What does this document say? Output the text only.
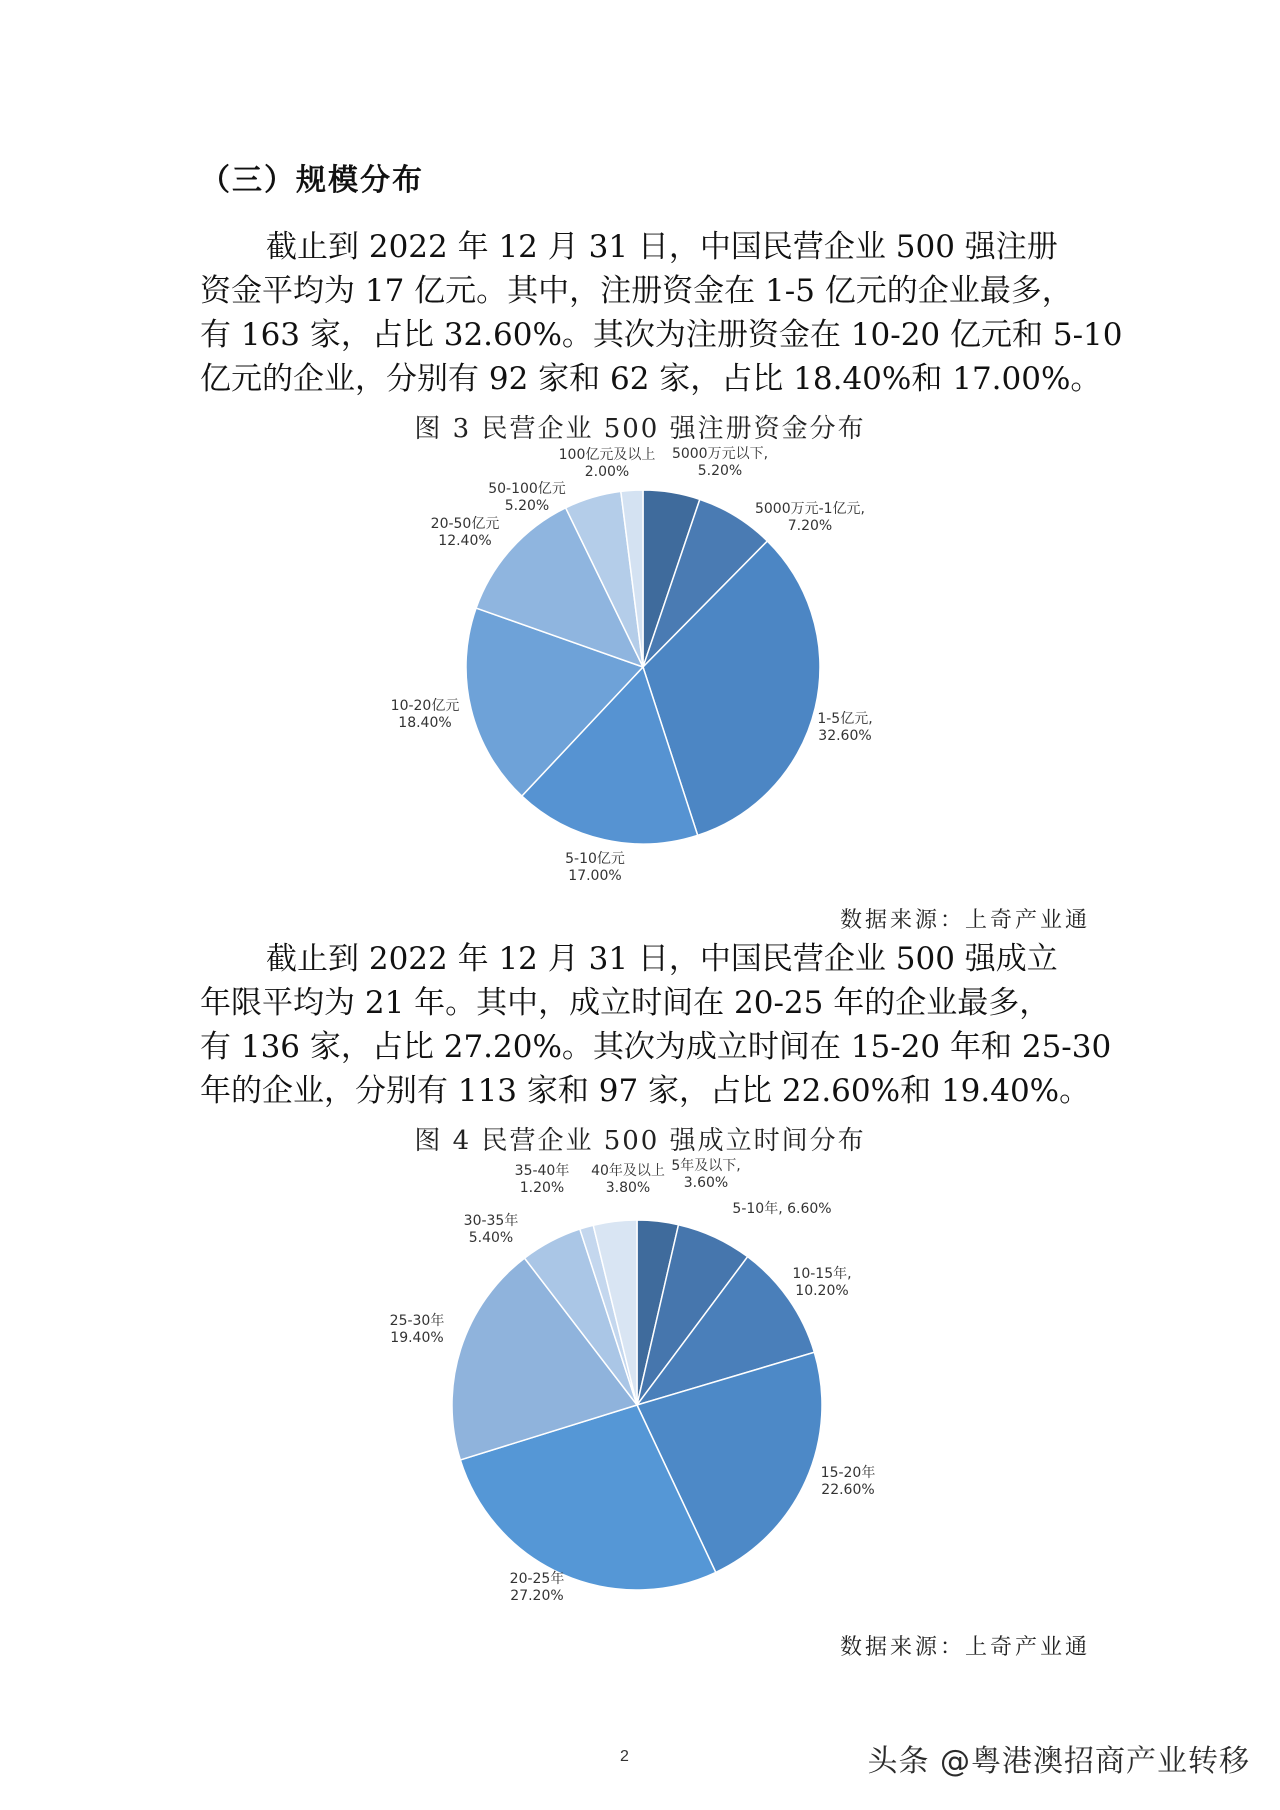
（三）规模分布

截止到 2022 年 12 月 31 日，中国民营企业 500 强注册
资金平均为 17 亿元。其中，注册资金在 1-5 亿元的企业最多，
有 163 家，占比 32.60%。其次为注册资金在 10-20 亿元和 5-10
亿元的企业，分别有 92 家和 62 家，占比 18.40%和 17.00%。

图 3 民营企业 500 强注册资金分布
5000万元以下,
5.20%
5000万元-1亿元,
7.20%
1-5亿元,
32.60%
5-10亿元
17.00%
10-20亿元
18.40%
20-50亿元
12.40%
50-100亿元
5.20%
100亿元及以上
2.00%
数据来源：上奇产业通

截止到 2022 年 12 月 31 日，中国民营企业 500 强成立
年限平均为 21 年。其中，成立时间在 20-25 年的企业最多，
有 136 家，占比 27.20%。其次为成立时间在 15-20 年和 25-30
年的企业，分别有 113 家和 97 家，占比 22.60%和 19.40%。

图 4 民营企业 500 强成立时间分布
5年及以下,
3.60%
5-10年, 6.60%
10-15年,
10.20%
15-20年
22.60%
20-25年
27.20%
25-30年
19.40%
30-35年
5.40%
35-40年
1.20%
40年及以上
3.80%
数据来源：上奇产业通
2	头条 @粤港澳招商产业转移
